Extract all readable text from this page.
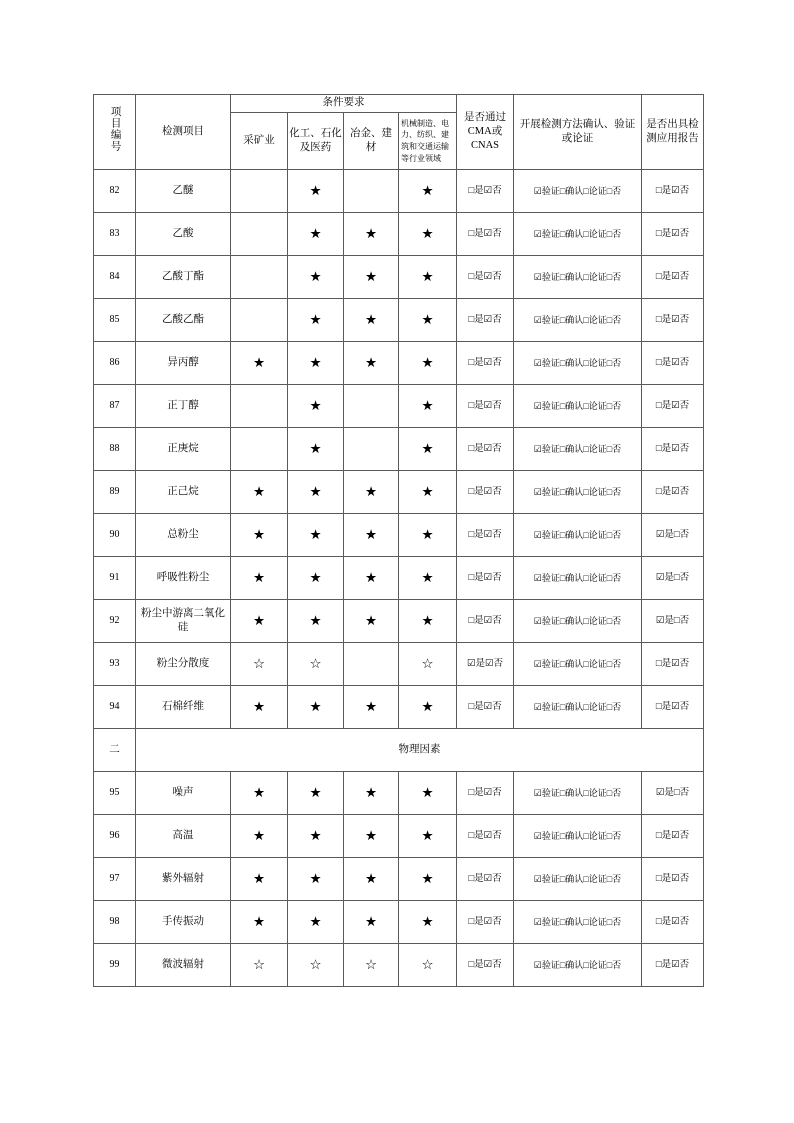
项目编号	检测项目	条件要求				是否通过CMA或CNAS	开展检测方法确认、验证或论证	是否出具检测应用报告
		采矿业	化工、石化及医药	冶金、建材	机械制造、电力、纺织、建筑和交通运输等行业领域			
82	乙醚		★		★	□是☑否	☑验证□确认□论证□否	□是☑否
83	乙酸		★	★	★	□是☑否	☑验证□确认□论证□否	□是☑否
84	乙酸丁酯		★	★	★	□是☑否	☑验证□确认□论证□否	□是☑否
85	乙酸乙酯		★	★	★	□是☑否	☑验证□确认□论证□否	□是☑否
86	异丙醇	★	★	★	★	□是☑否	☑验证□确认□论证□否	□是☑否
87	正丁醇		★		★	□是☑否	☑验证□确认□论证□否	□是☑否
88	正庚烷		★		★	□是☑否	☑验证□确认□论证□否	□是☑否
89	正己烷	★	★	★	★	□是☑否	☑验证□确认□论证□否	□是☑否
90	总粉尘	★	★	★	★	□是☑否	☑验证□确认□论证□否	☑是□否
91	呼吸性粉尘	★	★	★	★	□是☑否	☑验证□确认□论证□否	☑是□否
92	粉尘中游离二氧化硅	★	★	★	★	□是☑否	☑验证□确认□论证□否	☑是□否
93	粉尘分散度	☆	☆		☆	☑是☑否	☑验证□确认□论证□否	□是☑否
94	石棉纤维	★	★	★	★	□是☑否	☑验证□确认□论证□否	□是☑否
二	物理因素							
95	噪声	★	★	★	★	□是☑否	☑验证□确认□论证□否	☑是□否
96	高温	★	★	★	★	□是☑否	☑验证□确认□论证□否	□是☑否
97	紫外辐射	★	★	★	★	□是☑否	☑验证□确认□论证□否	□是☑否
98	手传振动	★	★	★	★	□是☑否	☑验证□确认□论证□否	□是☑否
99	微波辐射	☆	☆	☆	☆	□是☑否	☑验证□确认□论证□否	□是☑否
